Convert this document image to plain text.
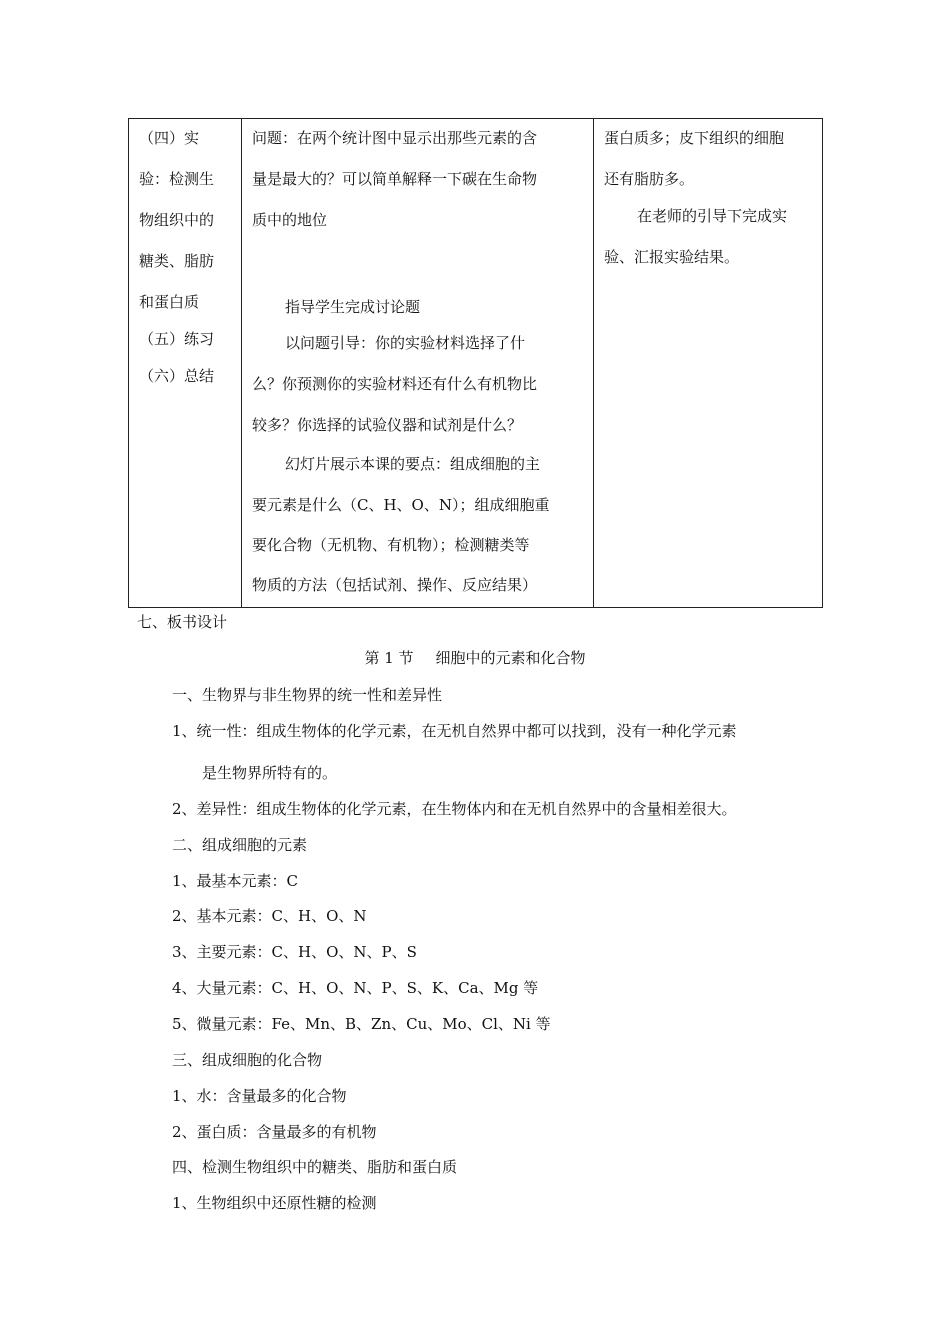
（四）实
验：检测生
物组织中的
糖类、脂肪
和蛋白质
（五）练习
（六）总结
问题：在两个统计图中显示出那些元素的含
量是最大的？可以简单解释一下碳在生命物
质中的地位
指导学生完成讨论题
以问题引导：你的实验材料选择了什
么？你预测你的实验材料还有什么有机物比
较多？你选择的试验仪器和试剂是什么？
幻灯片展示本课的要点：组成细胞的主
要元素是什么（C、H、O、N）；组成细胞重
要化合物（无机物、有机物）；检测糖类等
物质的方法（包括试剂、操作、反应结果）
蛋白质多；皮下组织的细胞
还有脂肪多。
在老师的引导下完成实
验、汇报实验结果。
七、板书设计
第 1 节 细胞中的元素和化合物
一、生物界与非生物界的统一性和差异性
1、统一性：组成生物体的化学元素，在无机自然界中都可以找到，没有一种化学元素
是生物界所特有的。
2、差异性：组成生物体的化学元素，在生物体内和在无机自然界中的含量相差很大。
二、组成细胞的元素
1、最基本元素：C
2、基本元素：C、H、O、N
3、主要元素：C、H、O、N、P、S
4、大量元素：C、H、O、N、P、S、K、Ca、Mg 等
5、微量元素：Fe、Mn、B、Zn、Cu、Mo、Cl、Ni 等
三、组成细胞的化合物
1、水：含量最多的化合物
2、蛋白质：含量最多的有机物
四、检测生物组织中的糖类、脂肪和蛋白质
1、生物组织中还原性糖的检测
